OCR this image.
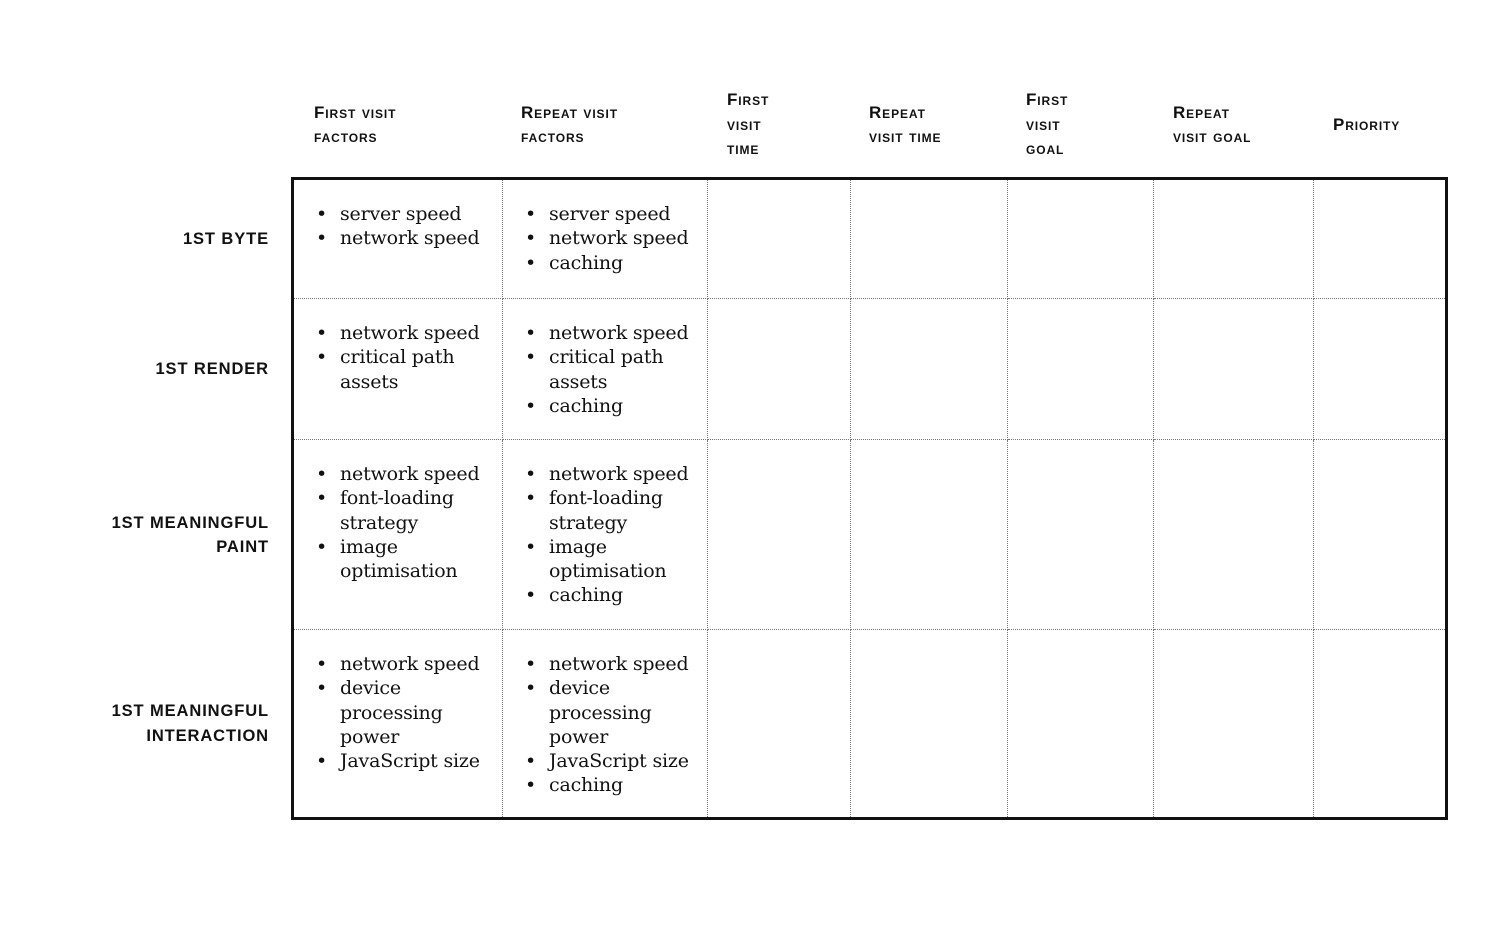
First visit
factors
Repeat visit
factors
First
visit
time
Repeat
visit time
First
visit
goal
Repeat
visit goal
Priority
1ST BYTE
1ST RENDER
1ST MEANINGFUL
PAINT
1ST MEANINGFUL
INTERACTION
• server speed
• network speed
• server speed
• network speed
• caching
• network speed
• critical path assets
• network speed
• critical path assets
• caching
• network speed
• font-loading strategy
• image optimisation
• network speed
• font-loading strategy
• image optimisation
• caching
• network speed
• device processing power
• JavaScript size
• network speed
• device processing power
• JavaScript size
• caching
